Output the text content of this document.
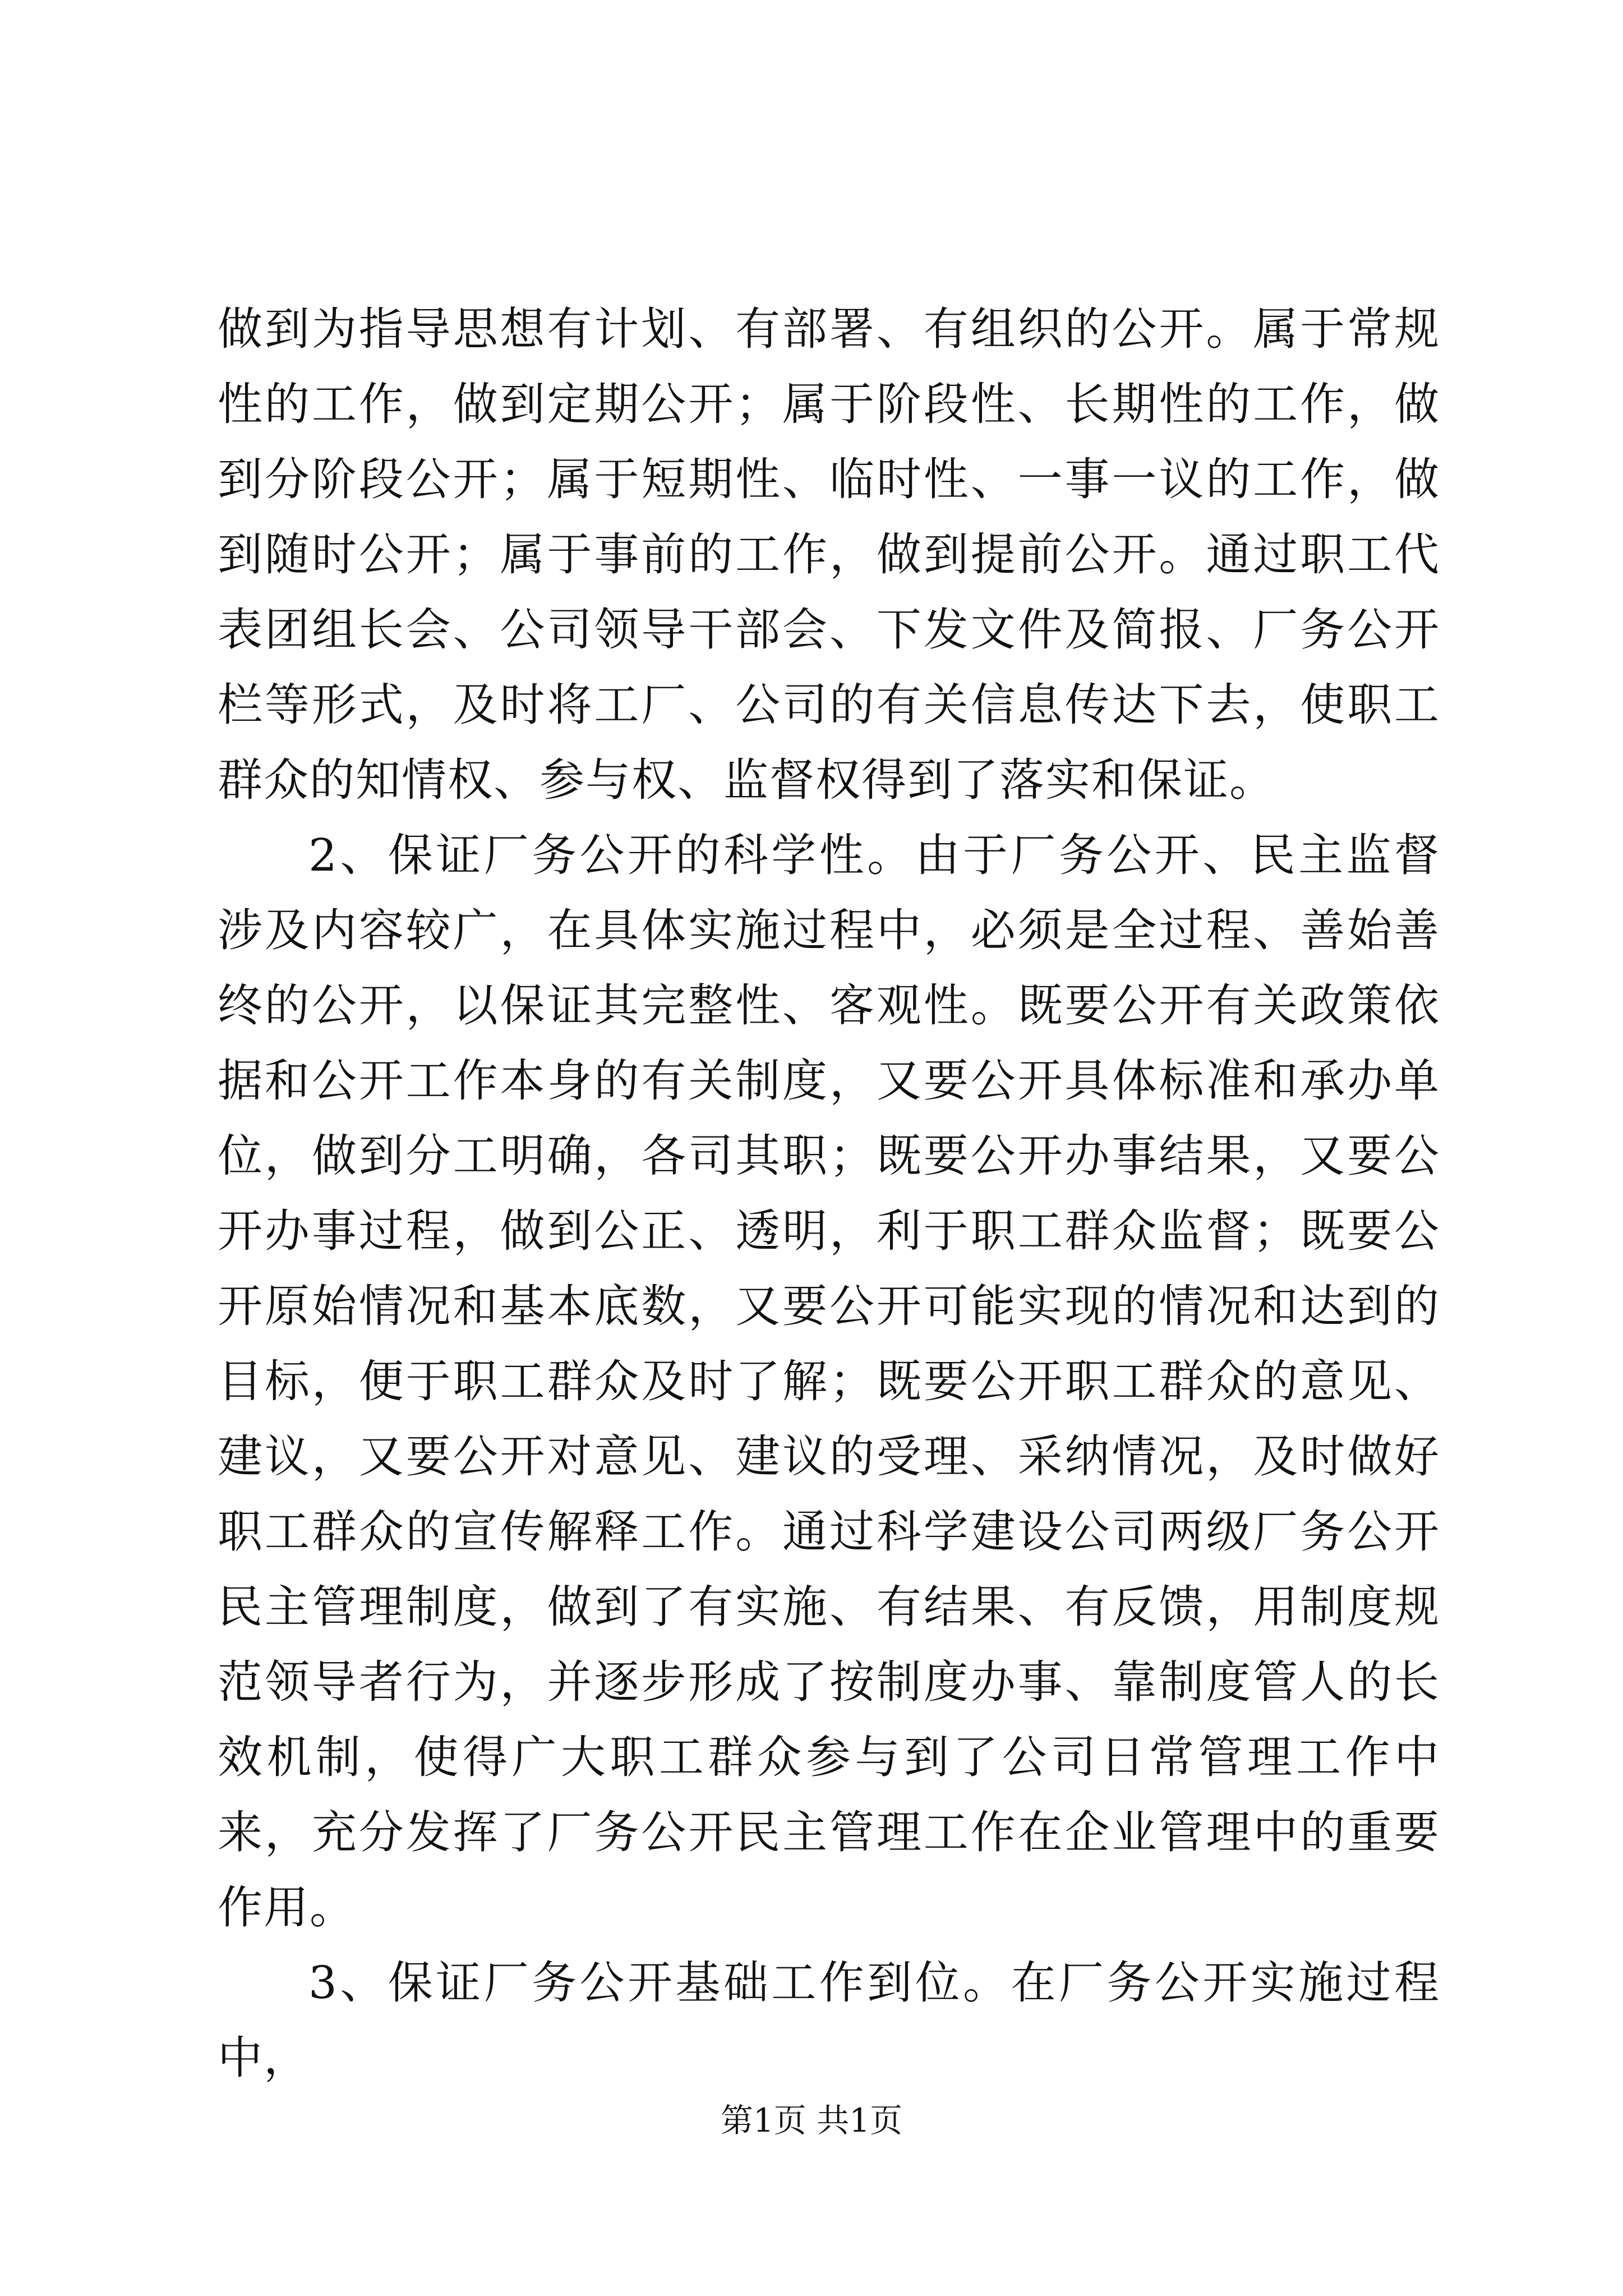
做到为指导思想有计划、有部署、有组织的公开。属于常规性的工作，做到定期公开；属于阶段性、长期性的工作，做到分阶段公开；属于短期性、临时性、一事一议的工作，做到随时公开；属于事前的工作，做到提前公开。通过职工代表团组长会、公司领导干部会、下发文件及简报、厂务公开栏等形式，及时将工厂、公司的有关信息传达下去，使职工群众的知情权、参与权、监督权得到了落实和保证。

2、保证厂务公开的科学性。由于厂务公开、民主监督涉及内容较广，在具体实施过程中，必须是全过程、善始善终的公开，以保证其完整性、客观性。既要公开有关政策依据和公开工作本身的有关制度，又要公开具体标准和承办单位，做到分工明确，各司其职；既要公开办事结果，又要公开办事过程，做到公正、透明，利于职工群众监督；既要公开原始情况和基本底数，又要公开可能实现的情况和达到的目标，便于职工群众及时了解；既要公开职工群众的意见、建议，又要公开对意见、建议的受理、采纳情况，及时做好职工群众的宣传解释工作。通过科学建设公司两级厂务公开民主管理制度，做到了有实施、有结果、有反馈，用制度规范领导者行为，并逐步形成了按制度办事、靠制度管人的长效机制，使得广大职工群众参与到了公司日常管理工作中来，充分发挥了厂务公开民主管理工作在企业管理中的重要作用。

3、保证厂务公开基础工作到位。在厂务公开实施过程中，

第1页 共1页
